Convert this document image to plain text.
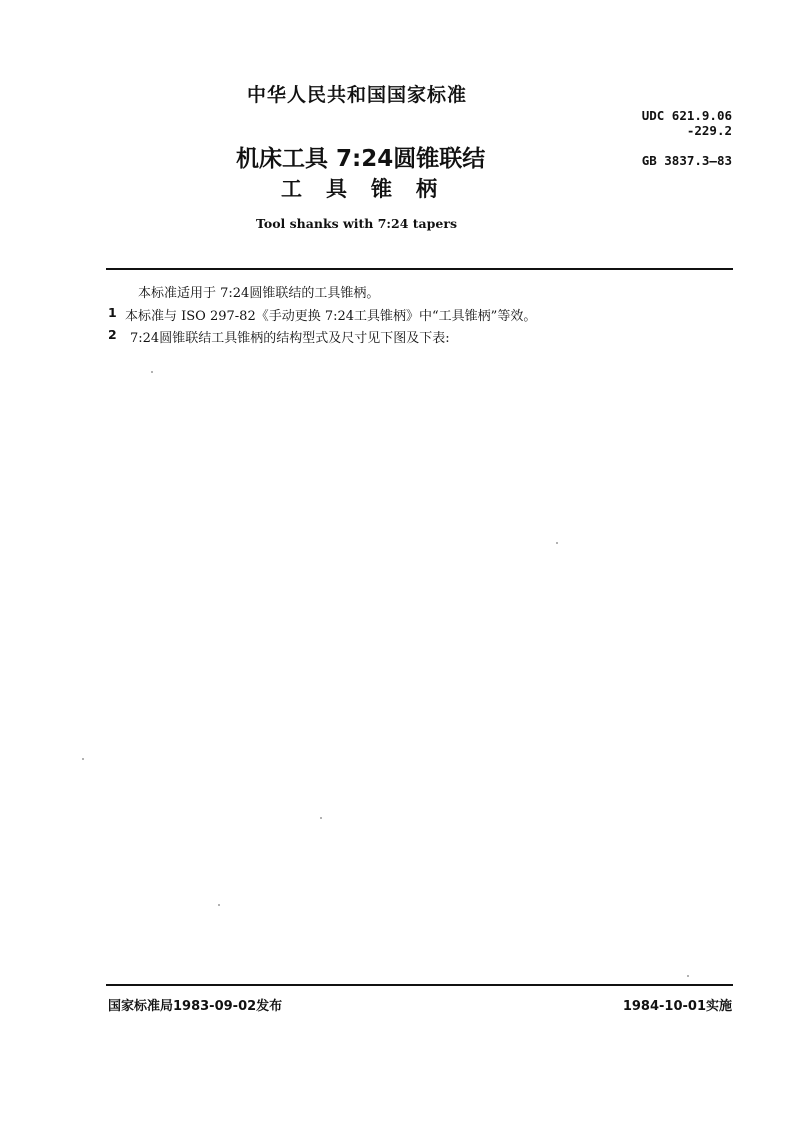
中华人民共和国国家标准
UDC 621.9.06
-229.2
GB 3837.3—83
机床工具 7:24圆锥联结
工具锥柄
Tool shanks with 7:24 tapers
本标准适用于 7:24圆锥联结的工具锥柄。
1 本标准与 ISO 297-82《手动更换 7:24工具锥柄》中“工具锥柄”等效。
2 7:24圆锥联结工具锥柄的结构型式及尺寸见下图及下表:
国家标准局1983-09-02发布	1984-10-01实施
